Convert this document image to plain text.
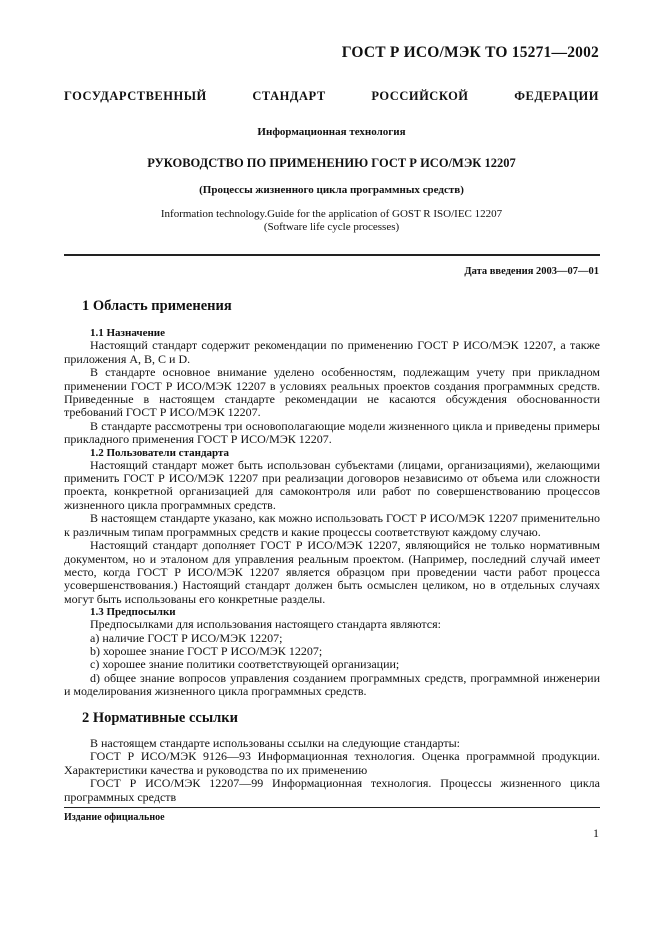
ГОСТ Р ИСО/МЭК ТО 15271—2002
ГОСУДАРСТВЕННЫЙ СТАНДАРТ РОССИЙСКОЙ ФЕДЕРАЦИИ
Информационная технология
РУКОВОДСТВО ПО ПРИМЕНЕНИЮ ГОСТ Р ИСО/МЭК 12207
(Процессы жизненного цикла программных средств)
Information technology.Guide for the application of GOST R ISO/IEC 12207
(Software life cycle processes)
Дата введения 2003—07—01
1 Область применения
1.1 Назначение

Настоящий стандарт содержит рекомендации по применению ГОСТ Р ИСО/МЭК 12207, а также приложения А, В, С и D.

В стандарте основное внимание уделено особенностям, подлежащим учету при прикладном применении ГОСТ Р ИСО/МЭК 12207 в условиях реальных проектов создания программных средств. Приведенные в настоящем стандарте рекомендации не касаются обсуждения обоснованности требований ГОСТ Р ИСО/МЭК 12207.

В стандарте рассмотрены три основополагающие модели жизненного цикла и приведены примеры прикладного применения ГОСТ Р ИСО/МЭК 12207.

1.2 Пользователи стандарта

Настоящий стандарт может быть использован субъектами (лицами, организациями), желающими применить ГОСТ Р ИСО/МЭК 12207 при реализации договоров независимо от объема или сложности проекта, конкретной организацией для самоконтроля или работ по совершенствованию процессов жизненного цикла программных средств.

В настоящем стандарте указано, как можно использовать ГОСТ Р ИСО/МЭК 12207 применительно к различным типам программных средств и какие процессы соответствуют каждому случаю.

Настоящий стандарт дополняет ГОСТ Р ИСО/МЭК 12207, являющийся не только нормативным документом, но и эталоном для управления реальным проектом. (Например, последний случай имеет место, когда ГОСТ Р ИСО/МЭК 12207 является образцом при проведении части работ процесса усовершенствования.) Настоящий стандарт должен быть осмыслен целиком, но в отдельных случаях могут быть использованы его конкретные разделы.

1.3 Предпосылки

Предпосылками для использования настоящего стандарта являются:

а) наличие ГОСТ Р ИСО/МЭК 12207;

b) хорошее знание ГОСТ Р ИСО/МЭК 12207;

c) хорошее знание политики соответствующей организации;

d) общее знание вопросов управления созданием программных средств, программной инженерии и моделирования жизненного цикла программных средств.

2 Нормативные ссылки

В настоящем стандарте использованы ссылки на следующие стандарты:

ГОСТ Р ИСО/МЭК 9126—93 Информационная технология. Оценка программной продукции. Характеристики качества и руководства по их применению

ГОСТ Р ИСО/МЭК 12207—99 Информационная технология. Процессы жизненного цикла программных средств

Издание официальное
1
